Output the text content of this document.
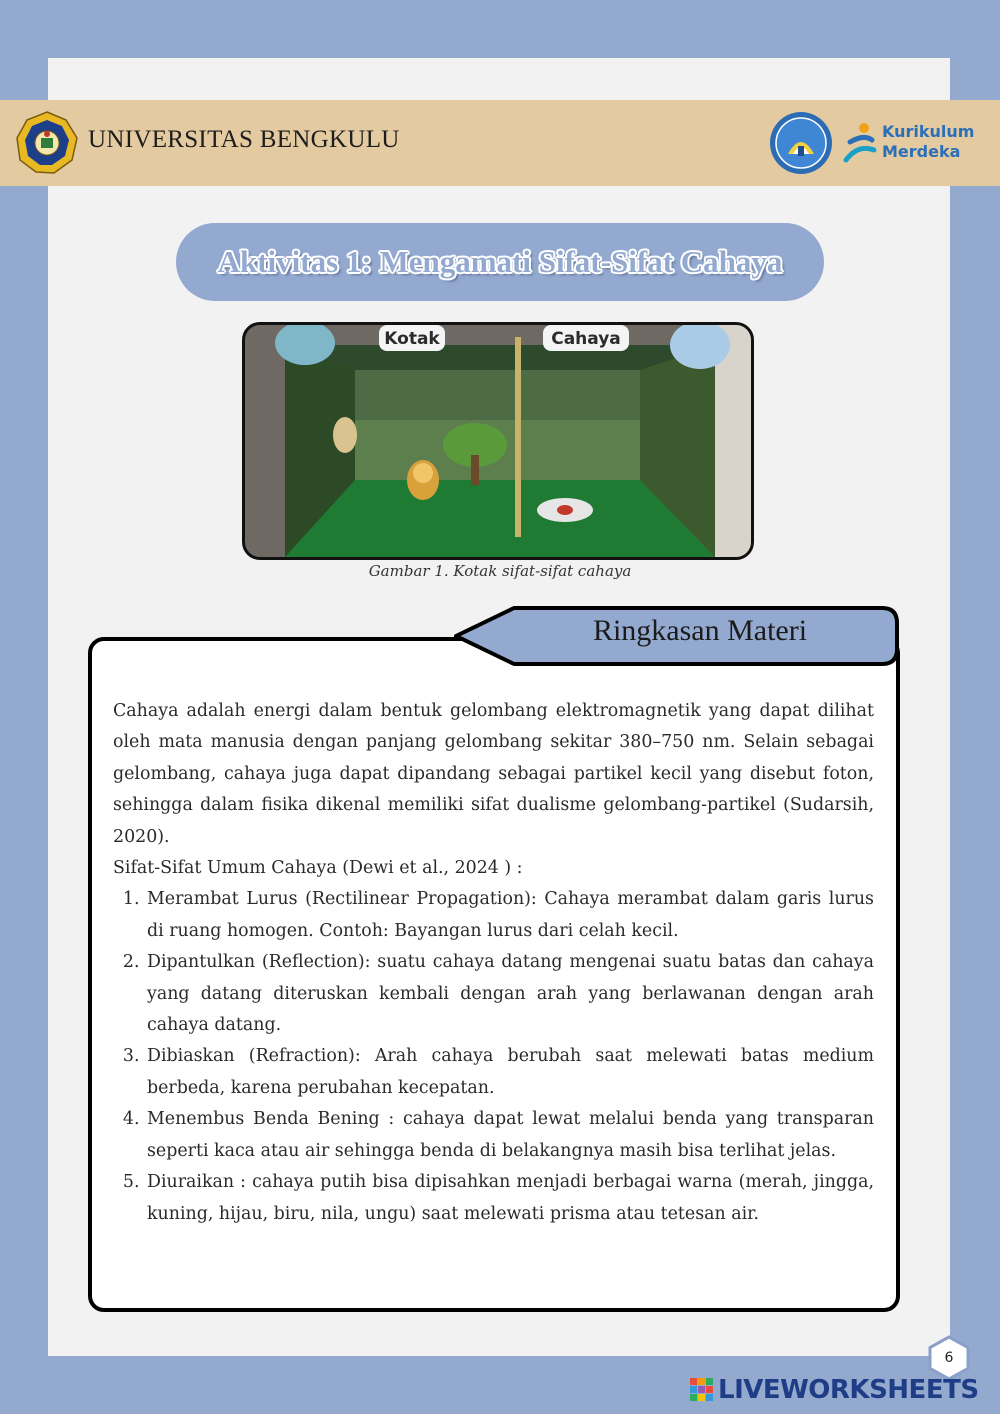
UNIVERSITAS BENGKULU	Kurikulum
Merdeka
Aktivitas 1: Mengamati Sifat-Sifat Cahaya
Kotak	Cahaya
Gambar 1. Kotak sifat-sifat cahaya
Ringkasan Materi

Cahaya adalah energi dalam bentuk gelombang elektromagnetik yang dapat dilihat oleh mata manusia dengan panjang gelombang sekitar 380–750 nm. Selain sebagai gelombang, cahaya juga dapat dipandang sebagai partikel kecil yang disebut foton, sehingga dalam fisika dikenal memiliki sifat dualisme gelombang-partikel (Sudarsih, 2020).

Sifat-Sifat Umum Cahaya (Dewi et al., 2024 ) :

1. Merambat Lurus (Rectilinear Propagation): Cahaya merambat dalam garis lurus di ruang homogen. Contoh: Bayangan lurus dari celah kecil.
2. Dipantulkan (Reflection): suatu cahaya datang mengenai suatu batas dan cahaya yang datang diteruskan kembali dengan arah yang berlawanan dengan arah cahaya datang.
3. Dibiaskan (Refraction): Arah cahaya berubah saat melewati batas medium berbeda, karena perubahan kecepatan.
4. Menembus Benda Bening : cahaya dapat lewat melalui benda yang transparan seperti kaca atau air sehingga benda di belakangnya masih bisa terlihat jelas.
5. Diuraikan : cahaya putih bisa dipisahkan menjadi berbagai warna (merah, jingga, kuning, hijau, biru, nila, ungu) saat melewati prisma atau tetesan air.
6
LIVEWORKSHEETS
